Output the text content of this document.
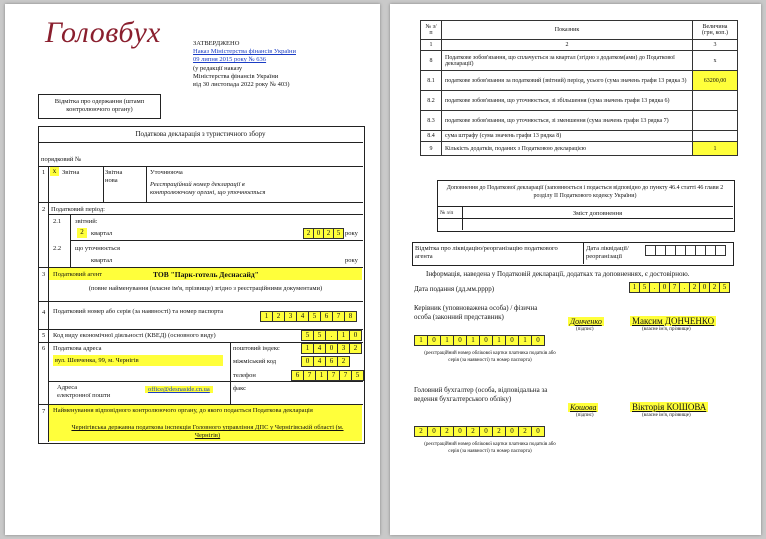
Головбух	ЗАТВЕРДЖЕНО
Наказ Міністерства фінансів України
09 липня 2015 року № 636
(у редакції наказу
Міністерства фінансів України
від 30 листопада 2022 року № 403)
Відмітка про одержання (штамп контролюючого органу)
Податкова декларація з туристичного збору
порядковий №
1	х Звітна	Звітна нова
Уточнююча
Реєстраційний номер декларації в контролюючому органі, що уточнюється
2 Податковий період:
2.1 звітний:
2	квартал	2 0 2 5 року
2.2 що уточнюється
квартал	року
3 Податковий агент	ТОВ "Парк-готель Деснасайд"
(повне найменування (власне ім'я, прізвище) згідно з реєстраційними документами)
4 Податковий номер або серія (за наявності) та номер паспорта
1	2	3	4	5	6	7	8
5 Код виду економічної діяльності (КВЕД) (основного виду)	5	5	.	1	0
6 Податкова адреса	поштовий індекс	1	4	0	3	2
вул. Шевченка, 99, м. Чернігів	міжміський код	0	4	6	2
телефон	6	7	1	7	7	5
Адреса електронної пошти
office@desnaside.cn.ua	факс
7 Найменування відповідного контролюючого органу, до якого подається Податкова декларація
Чернігівська державна податкова інспекція Головного управління ДПС у Чернігівській області (м. Чернігів)
№ з/п	Показник	Величина (грн, коп.)
1	2	3
8	Податкове зобов'язання, що сплачується за квартал (згідно з додатком(ами) до Податкової декларації)	х
8.1	податкове зобов'язання за податковий (звітний) період, усього (сума значень графи 13 рядка 3)	63200,00
8.2	податкове зобов'язання, що уточнюється, зі збільшення (сума значень графи 13 рядка 6)	
8.3	податкове зобов'язання, що уточнюється, зі зменшення (сума значень графи 13 рядка 7)	
8.4	сума штрафу (сума значень графи 13 рядка 8)	
9	Кількість додатків, поданих з Податковою декларацією	1
Доповнення до Податкової декларації (заповнюється і подається відповідно до пункту 46.4 статті 46 глави 2 розділу II Податкового кодексу України)
№ з/п	Зміст доповнення
Відмітка про ліквідацію/реорганізацію податкового агента
Дата ліквідації/ реорганізації
Інформація, наведена у Податковій декларації, додатках та доповненнях, є достовірною.
Дата подання (дд.мм.рррр)	1 5	.	0 7	.	2 0 2 5
Керівник (уповноважена особа) / фізична особа (законний представник)
1	0	1	0	1	0	1	0	1	0
(реєстраційний номер облікової картки платника податків або серія (за наявності) та номер паспорта)
Донченко
(підпис)
Максим ДОНЧЕНКО
(власне ім'я, прізвище)
Головний бухгалтер (особа, відповідальна за ведення бухгалтерського обліку)
2	0	2	0	2	0	2	0	2	0
(реєстраційний номер облікової картки платника податків або серія (за наявності) та номер паспорта)
Кошова
(підпис)
Вікторія КОШОВА
(власне ім'я, прізвище)
